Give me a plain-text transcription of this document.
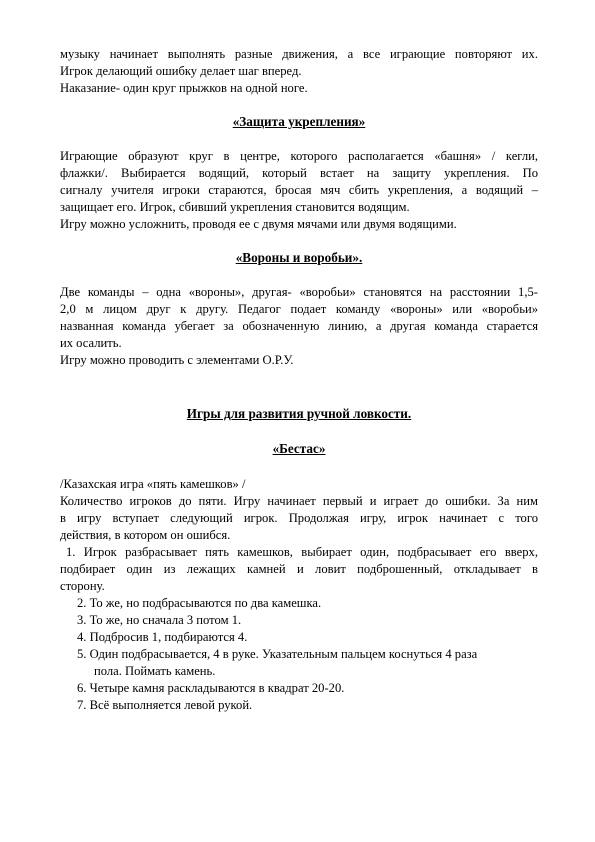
музыку начинает выполнять разные движения, а все играющие повторяют их.
Игрок делающий ошибку делает шаг вперед.
Наказание- один круг прыжков на одной ноге.
«Защита укрепления»
Играющие образуют круг в центре, которого располагается «башня» / кегли,
флажки/. Выбирается водящий, который встает на защиту укрепления. По
сигналу учителя игроки стараются, бросая мяч сбить укрепления, а водящий –
защищает его. Игрок, сбивший укрепления становится водящим.
Игру можно усложнить, проводя ее с двумя мячами или двумя водящими.
«Вороны и воробьи».
Две команды – одна «вороны», другая- «воробьи» становятся на расстоянии 1,5-
2,0 м лицом друг к другу. Педагог подает команду «вороны» или «воробьи»
названная команда убегает за обозначенную линию, а другая команда старается
их осалить.
Игру можно проводить с элементами О.Р.У.
Игры для развития ручной ловкости.
«Бестас»
/Казахская игра «пять камешков» /
Количество игроков до пяти. Игру начинает первый и играет до ошибки. За ним
в игру вступает следующий игрок. Продолжая игру, игрок начинает с того
действия, в котором он ошибся.
1. Игрок разбрасывает пять камешков, выбирает один, подбрасывает его вверх,
подбирает один из лежащих камней и ловит подброшенный, откладывает в
сторону.
2. То же, но подбрасываются по два камешка.
3. То же, но сначала 3 потом 1.
4. Подбросив 1, подбираются 4.
5. Один подбрасывается, 4 в руке. Указательным пальцем коснуться 4 раза
пола. Поймать камень.
6. Четыре камня раскладываются в квадрат 20-20.
7. Всё выполняется левой рукой.
